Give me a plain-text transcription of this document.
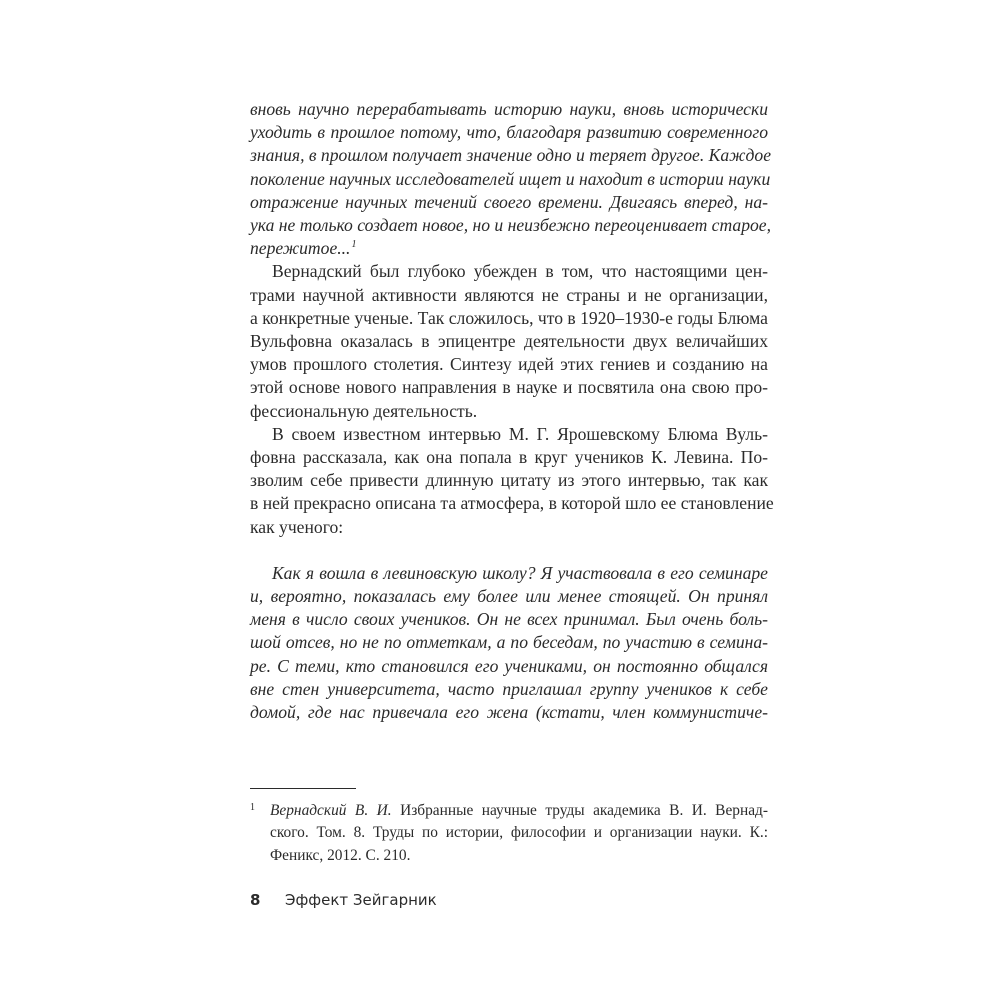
вновь научно перерабатывать историю науки, вновь исторически
уходить в прошлое потому, что, благодаря развитию современного
знания, в прошлом получает значение одно и теряет другое. Каждое
поколение научных исследователей ищет и находит в истории науки
отражение научных течений своего времени. Двигаясь вперед, на-
ука не только создает новое, но и неизбежно переоценивает старое,
пережитое...$^1$
Вернадский был глубоко убежден в том, что настоящими цен-
трами научной активности являются не страны и не организации,
а конкретные ученые. Так сложилось, что в 1920–1930-е годы Блюма
Вульфовна оказалась в эпицентре деятельности двух величайших
умов прошлого столетия. Синтезу идей этих гениев и созданию на
этой основе нового направления в науке и посвятила она свою про-
фессиональную деятельность.
В своем известном интервью М. Г. Ярошевскому Блюма Вуль-
фовна рассказала, как она попала в круг учеников К. Левина. По-
зволим себе привести длинную цитату из этого интервью, так как
в ней прекрасно описана та атмосфера, в которой шло ее становление
как ученого:
Как я вошла в левиновскую школу? Я участвовала в его семинаре
и, вероятно, показалась ему более или менее стоящей. Он принял
меня в число своих учеников. Он не всех принимал. Был очень боль-
шой отсев, но не по отметкам, а по беседам, по участию в семина-
ре. С теми, кто становился его учениками, он постоянно общался
вне стен университета, часто приглашал группу учеников к себе
домой, где нас привечала его жена (кстати, член коммунистиче-
1 Вернадский В. И. Избранные научные труды академика В. И. Вернад-
ского. Том. 8. Труды по истории, философии и организации науки. К.:
Феникс, 2012. С. 210.
8 Эффект Зейгарник
